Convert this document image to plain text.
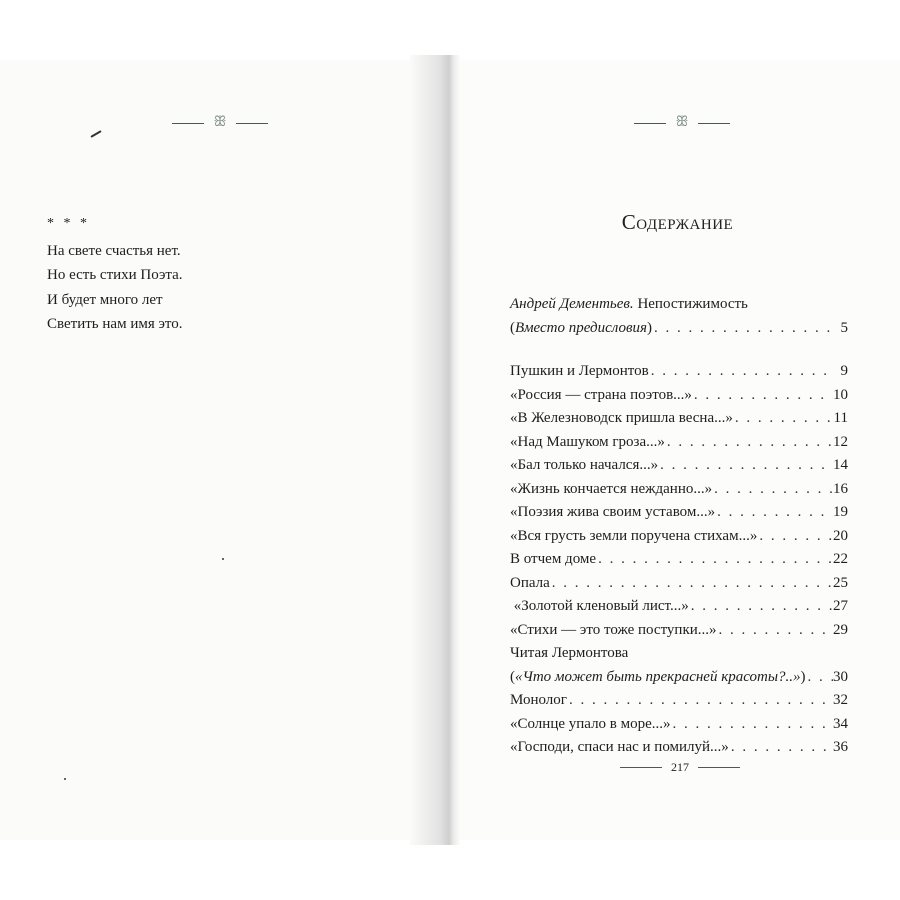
ꕥ
* * *
На свете счастья нет.
Но есть стихи Поэта.
И будет много лет
Светить нам имя это.
ꕥ
Содержание
Андрей Дементьев. Непостижимость
(Вместо предисловия) . . .	5
Пушкин и Лермонтов . . .	9
«Россия — страна поэтов...» . . .	10
«В Железноводск пришла весна...» . . .	11
«Над Машуком гроза...» . . .	12
«Бал только начался...» . . .	14
«Жизнь кончается нежданно...» . . .	16
«Поэзия жива своим уставом...» . . .	19
«Вся грусть земли поручена стихам...» . . .	20
В отчем доме . . .	22
Опала . . .	25
«Золотой кленовый лист...» . . .	27
«Стихи — это тоже поступки...» . . .	29
Читая Лермонтова
(«Что может быть прекрасней красоты?..») . . . 30
Монолог . . .	32
«Солнце упало в море...» . . .	34
«Господи, спаси нас и помилуй...» . . .	36
217
